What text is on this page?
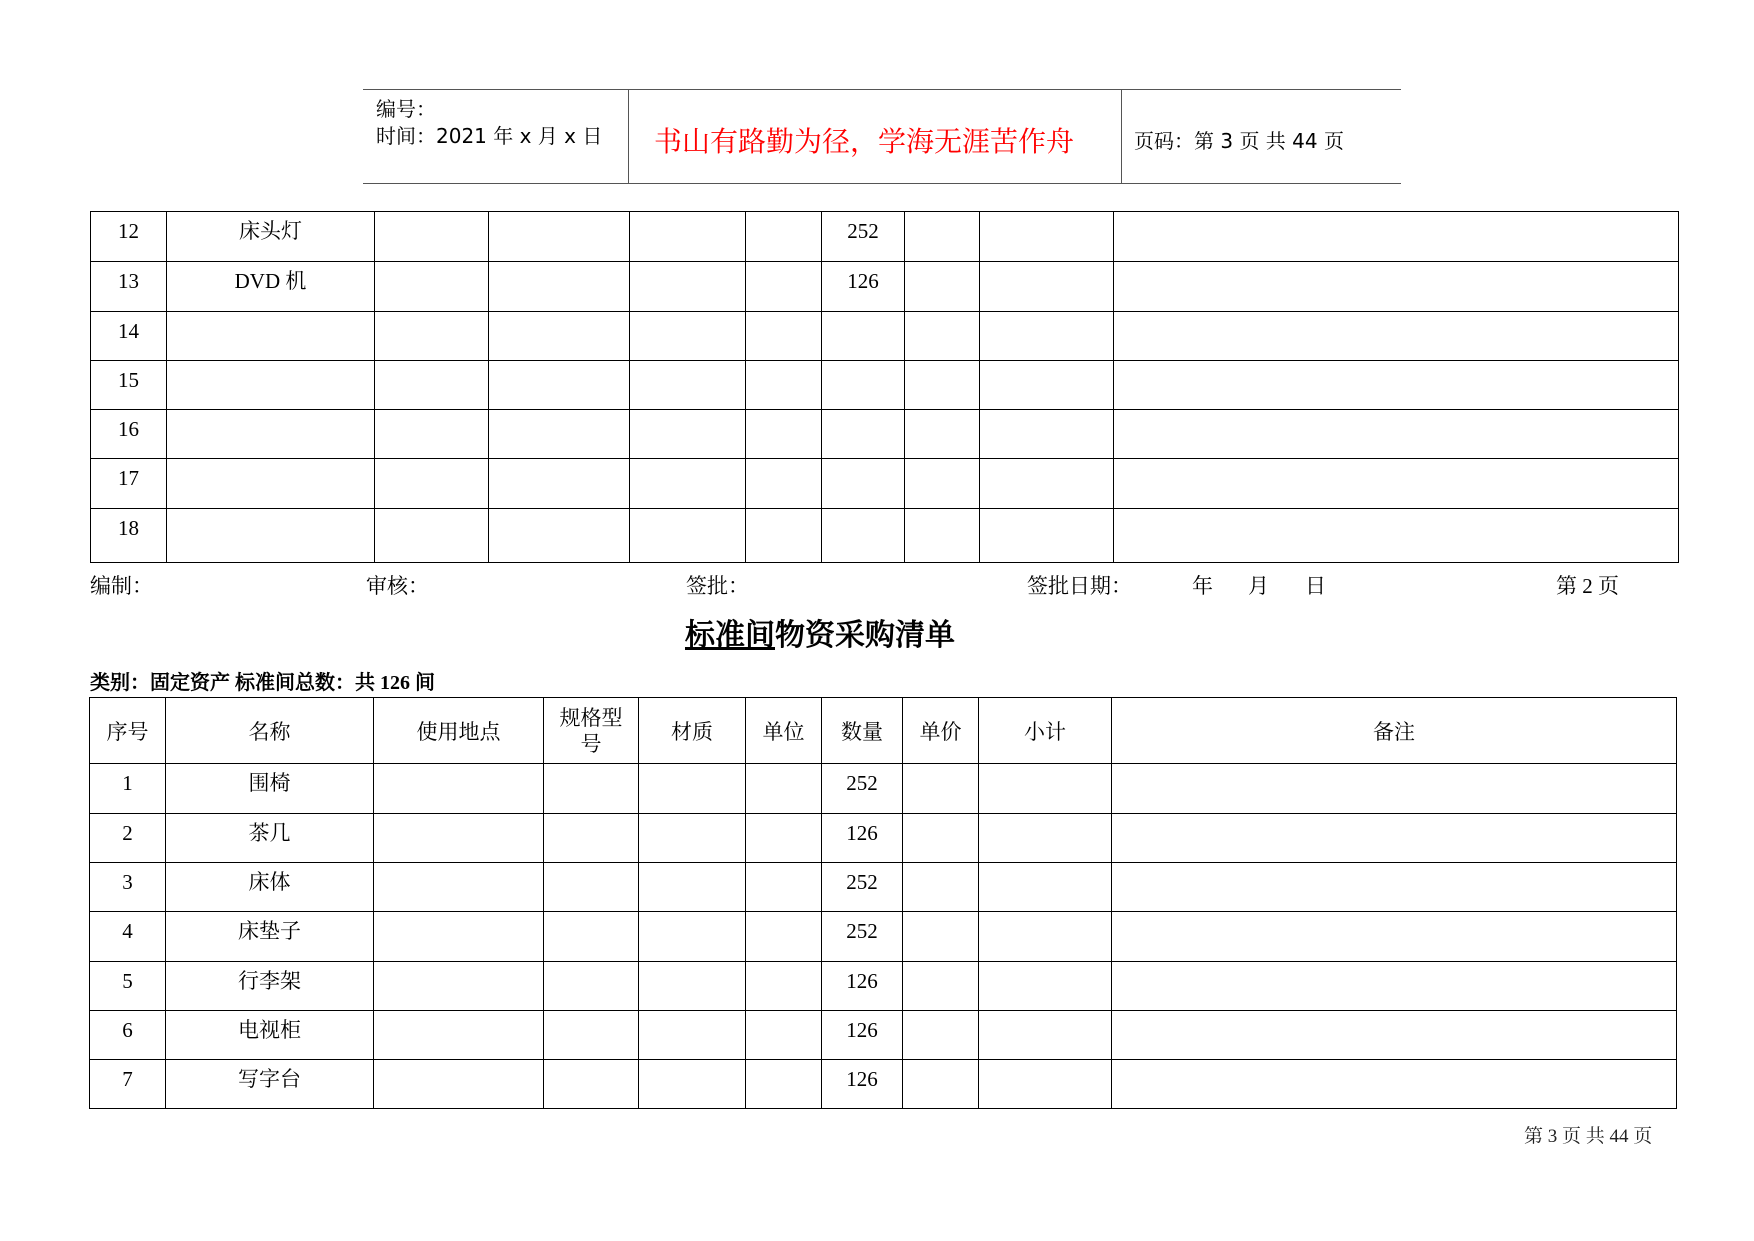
编号：
时间：2021 年 x 月 x 日 书山有路勤为径，学海无涯苦作舟	页码：第 3 页 共 44 页
12	床头灯					252			

13	DVD 机					126			

14									

15									

16									

17									

18									

编制：	审核：	签批：	签批日期：	年 月 日	第 2 页
标准间物资采购清单
类别：固定资产 标准间总数：共 126 间
序号	名称	使用地点	规格型
号	材质	单位	数量	单价	小计	备注

1	围椅					252			

2	茶几					126			

3	床体					252			

4	床垫子					252			

5	行李架					126			

6	电视柜					126			

7	写字台					126			

第 3 页 共 44 页
